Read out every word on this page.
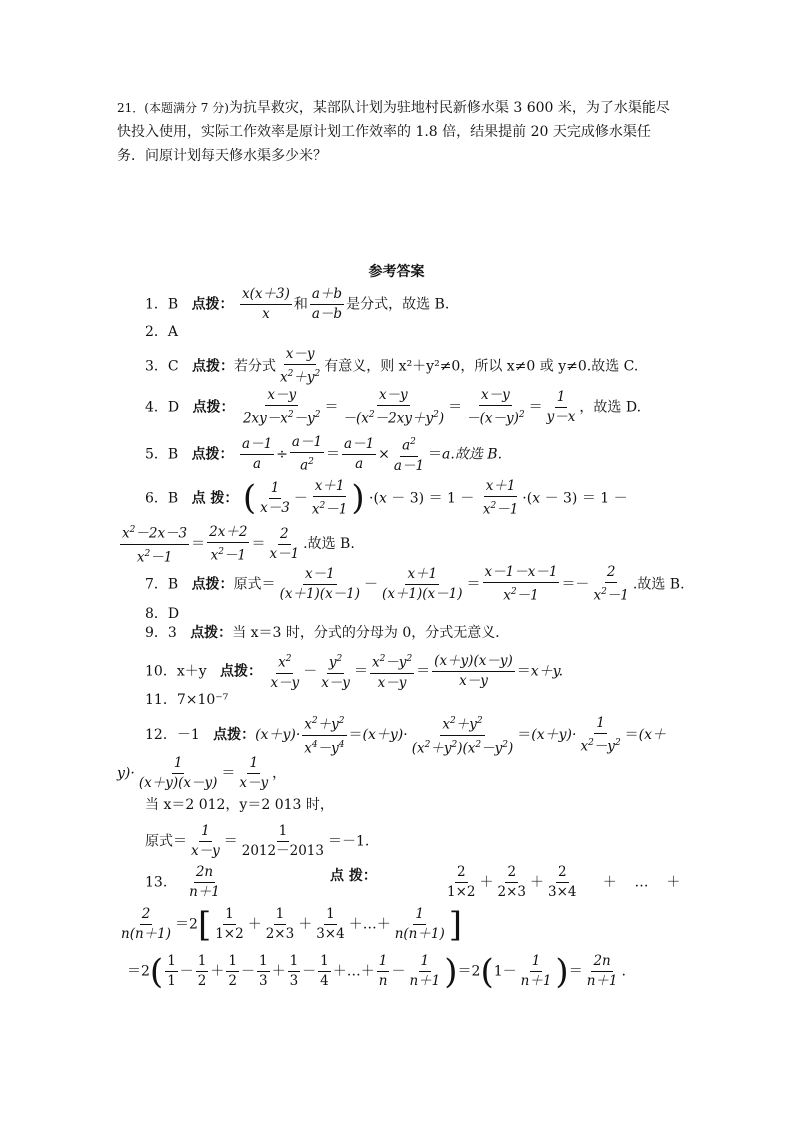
21．(本题满分 7 分)为抗旱救灾，某部队计划为驻地村民新修水渠 3 600 米，为了水渠能尽快投入使用，实际工作效率是原计划工作效率的 1.8 倍，结果提前 20 天完成修水渠任务．问原计划每天修水渠多少米？
参考答案
1．B 点拨： $\frac{x(x+3)}{x}$ 和 $\frac{a+b}{a-b}$ 是分式，故选 B.
2．A
3．C 点拨：若分式 $\frac{x-y}{x^2+y^2}$ 有意义，则 x²＋y²≠0，所以 x≠0 或 y≠0.故选 C.
4．D 点拨： $\frac{x-y}{2xy-x^2-y^2} = \frac{x-y}{-(x^2-2xy+y^2)} = \frac{x-y}{-(x-y)^2} = \frac{1}{y-x}$ ，故选 D.
5．B 点拨： $\frac{a-1}{a} \div \frac{a-1}{a^2} = \frac{a-1}{a} \times \frac{a^2}{a-1} =a$.故选 B.
6．B 点 拨： ( $\frac{1}{x-3} - \frac{x+1}{x^2-1}$ ) $\cdot(x - 3) = 1 - \frac{x+1}{x^2-1} \cdot(x - 3) = 1$ －
$\frac{x^2-2x-3}{x^2-1} = \frac{2x+2}{x^2-1} = \frac{2}{x-1}$ .故选 B.
7．B 点拨：原式＝ $\frac{x-1}{(x+1)(x-1)} - \frac{x+1}{(x+1)(x-1)} = \frac{x-1-x-1}{x^2-1} =- \frac{2}{x^2-1}$ .故选 B.
8．D
9．3 点拨：当 x＝3 时，分式的分母为 0，分式无意义．
10．x＋y 点拨： $\frac{x^2}{x-y} - \frac{y^2}{x-y} = \frac{x^2-y^2}{x-y} = \frac{(x+y)(x-y)}{x-y} =x+y$.
11．7×10⁻⁷
12．－1 点拨：$(x+y)\cdot \frac{x^2+y^2}{x^4-y^4} =(x+y)\cdot \frac{x^2+y^2}{(x^2+y^2)(x^2-y^2)} =(x+y)\cdot \frac{1}{x^2-y^2} =(x+$
$y)\cdot \frac{1}{(x+y)(x-y)} = \frac{1}{x-y}$ ，
当 x＝2 012，y＝2 013 时，
原式＝ $\frac{1}{x-y} = \frac{1}{2012-2013} =-1$.
13. $\frac{2n}{n+1}$	点 拨：	$\frac{2}{1\times 2} + \frac{2}{2\times 3} + \frac{2}{3\times 4}$ ＋    …    ＋
$\frac{2}{n(n+1)} =2[ \frac{1}{1\times 2} + \frac{1}{2\times 3} + \frac{1}{3\times 4}$ ＋…＋ $\frac{1}{n(n+1)}$ ]
$=2( \frac{1}{1} - \frac{1}{2} + \frac{1}{2} - \frac{1}{3} + \frac{1}{3} - \frac{1}{4}$ ＋…＋ $\frac{1}{n} - \frac{1}{n+1} )=2(1- \frac{1}{n+1}$ )＝ $\frac{2n}{n+1}$ .
